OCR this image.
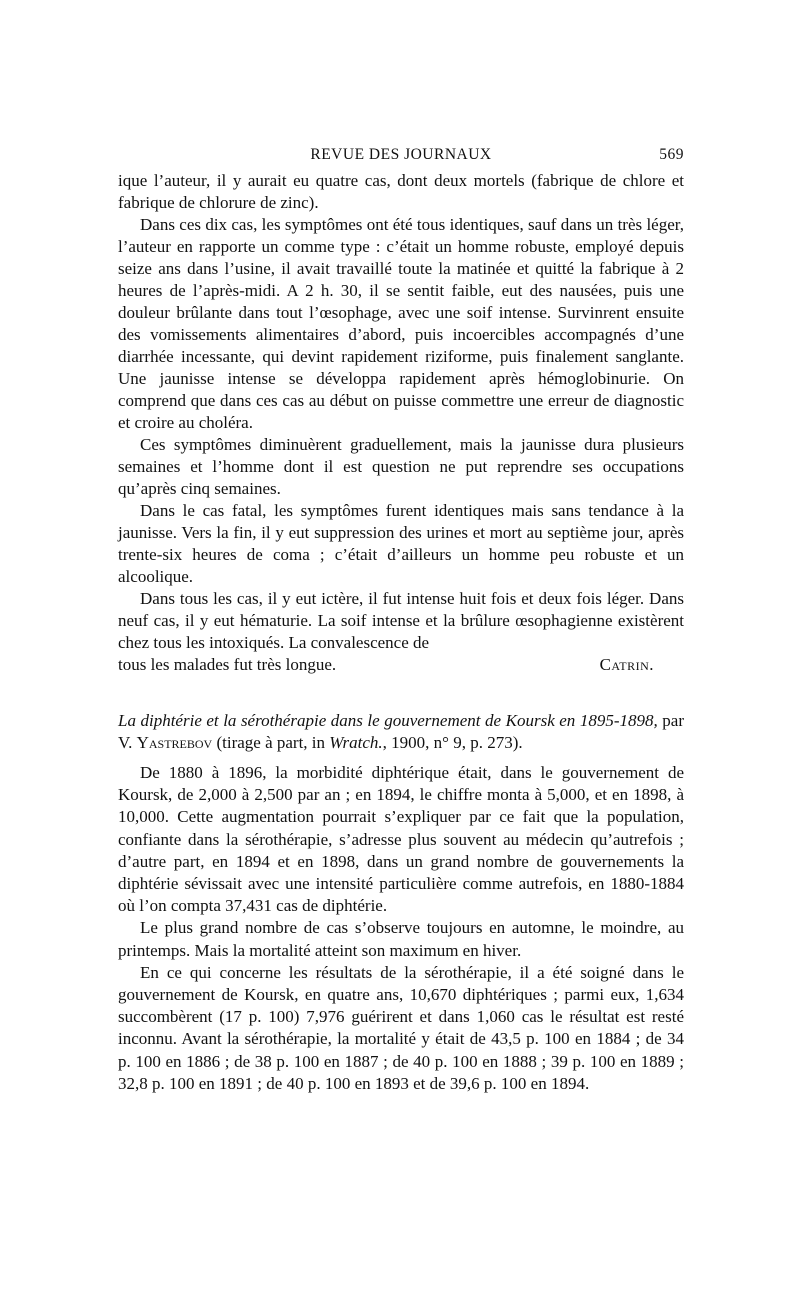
REVUE DES JOURNAUX	569

ique l’auteur, il y aurait eu quatre cas, dont deux mortels (fabrique de chlore et fabrique de chlorure de zinc).

Dans ces dix cas, les symptômes ont été tous identiques, sauf dans un très léger, l’auteur en rapporte un comme type : c’était un homme robuste, employé depuis seize ans dans l’usine, il avait travaillé toute la matinée et quitté la fabrique à 2 heures de l’après-midi. A 2 h. 30, il se sentit faible, eut des nausées, puis une douleur brûlante dans tout l’œsophage, avec une soif intense. Survinrent ensuite des vomissements alimentaires d’abord, puis incoercibles accompagnés d’une diarrhée incessante, qui devint rapidement riziforme, puis finalement sanglante. Une jaunisse intense se développa rapidement après hémoglobinurie. On comprend que dans ces cas au début on puisse commettre une erreur de diagnostic et croire au choléra.

Ces symptômes diminuèrent graduellement, mais la jaunisse dura plusieurs semaines et l’homme dont il est question ne put reprendre ses occupations qu’après cinq semaines.

Dans le cas fatal, les symptômes furent identiques mais sans tendance à la jaunisse. Vers la fin, il y eut suppression des urines et mort au septième jour, après trente-six heures de coma ; c’était d’ailleurs un homme peu robuste et un alcoolique.

Dans tous les cas, il y eut ictère, il fut intense huit fois et deux fois léger. Dans neuf cas, il y eut hématurie. La soif intense et la brûlure œsophagienne existèrent chez tous les intoxiqués. La convalescence de

tous les malades fut très longue.	Catrin.

La diphtérie et la sérothérapie dans le gouvernement de Koursk en 1895-1898, par V. Yastrebov (tirage à part, in Wratch., 1900, n° 9, p. 273).

De 1880 à 1896, la morbidité diphtérique était, dans le gouvernement de Koursk, de 2,000 à 2,500 par an ; en 1894, le chiffre monta à 5,000, et en 1898, à 10,000. Cette augmentation pourrait s’expliquer par ce fait que la population, confiante dans la sérothérapie, s’adresse plus souvent au médecin qu’autrefois ; d’autre part, en 1894 et en 1898, dans un grand nombre de gouvernements la diphtérie sévissait avec une intensité particulière comme autrefois, en 1880-1884 où l’on compta 37,431 cas de diphtérie.

Le plus grand nombre de cas s’observe toujours en automne, le moindre, au printemps. Mais la mortalité atteint son maximum en hiver.

En ce qui concerne les résultats de la sérothérapie, il a été soigné dans le gouvernement de Koursk, en quatre ans, 10,670 diphtériques ; parmi eux, 1,634 succombèrent (17 p. 100) 7,976 guérirent et dans 1,060 cas le résultat est resté inconnu. Avant la sérothérapie, la mortalité y était de 43,5 p. 100 en 1884 ; de 34 p. 100 en 1886 ; de 38 p. 100 en 1887 ; de 40 p. 100 en 1888 ; 39 p. 100 en 1889 ; 32,8 p. 100 en 1891 ; de 40 p. 100 en 1893 et de 39,6 p. 100 en 1894.
